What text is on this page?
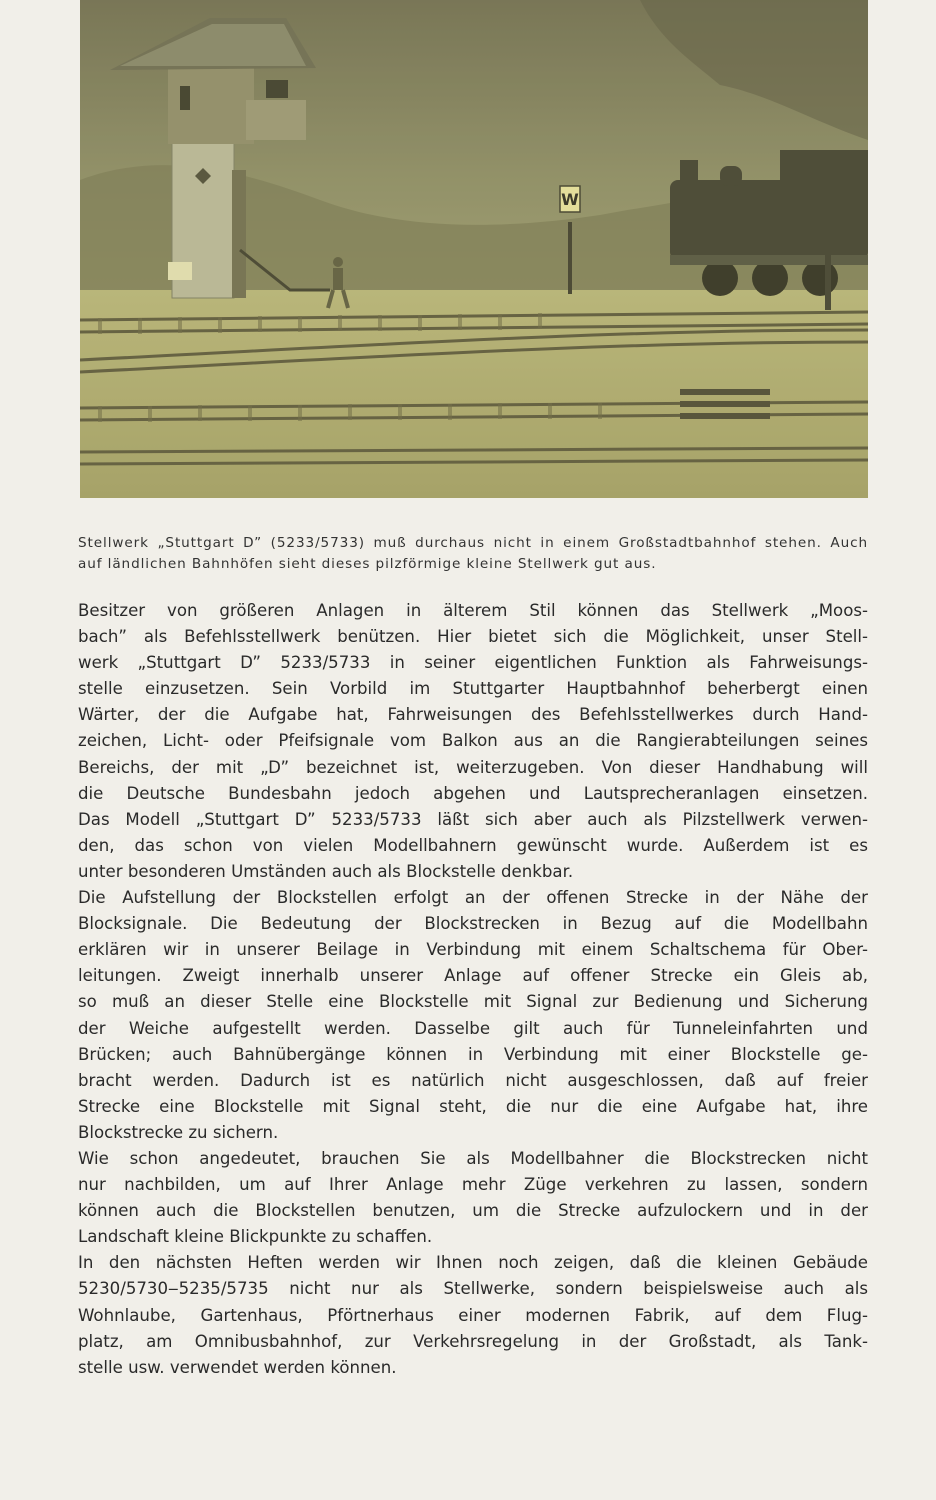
W
Stellwerk „Stuttgart D” (5233/5733) muß durchaus nicht in einem Großstadtbahnhof stehen. Auch
auf ländlichen Bahnhöfen sieht dieses pilzförmige kleine Stellwerk gut aus.

Besitzer von größeren Anlagen in älterem Stil können das Stellwerk „Moos-
bach” als Befehlsstellwerk benützen. Hier bietet sich die Möglichkeit, unser Stell-
werk „Stuttgart D” 5233/5733 in seiner eigentlichen Funktion als Fahrweisungs-
stelle einzusetzen. Sein Vorbild im Stuttgarter Hauptbahnhof beherbergt einen
Wärter, der die Aufgabe hat, Fahrweisungen des Befehlsstellwerkes durch Hand-
zeichen, Licht- oder Pfeifsignale vom Balkon aus an die Rangierabteilungen seines
Bereichs, der mit „D” bezeichnet ist, weiterzugeben. Von dieser Handhabung will
die Deutsche Bundesbahn jedoch abgehen und Lautsprecheranlagen einsetzen.
Das Modell „Stuttgart D” 5233/5733 läßt sich aber auch als Pilzstellwerk verwen-
den, das schon von vielen Modellbahnern gewünscht wurde. Außerdem ist es
unter besonderen Umständen auch als Blockstelle denkbar.

Die Aufstellung der Blockstellen erfolgt an der offenen Strecke in der Nähe der
Blocksignale. Die Bedeutung der Blockstrecken in Bezug auf die Modellbahn
erklären wir in unserer Beilage in Verbindung mit einem Schaltschema für Ober-
leitungen. Zweigt innerhalb unserer Anlage auf offener Strecke ein Gleis ab,
so muß an dieser Stelle eine Blockstelle mit Signal zur Bedienung und Sicherung
der Weiche aufgestellt werden. Dasselbe gilt auch für Tunneleinfahrten und
Brücken; auch Bahnübergänge können in Verbindung mit einer Blockstelle ge-
bracht werden. Dadurch ist es natürlich nicht ausgeschlossen, daß auf freier
Strecke eine Blockstelle mit Signal steht, die nur die eine Aufgabe hat, ihre
Blockstrecke zu sichern.

Wie schon angedeutet, brauchen Sie als Modellbahner die Blockstrecken nicht
nur nachbilden, um auf Ihrer Anlage mehr Züge verkehren zu lassen, sondern
können auch die Blockstellen benutzen, um die Strecke aufzulockern und in der
Landschaft kleine Blickpunkte zu schaffen.

In den nächsten Heften werden wir Ihnen noch zeigen, daß die kleinen Gebäude
5230/5730‒5235/5735 nicht nur als Stellwerke, sondern beispielsweise auch als
Wohnlaube, Gartenhaus, Pförtnerhaus einer modernen Fabrik, auf dem Flug-
platz, am Omnibusbahnhof, zur Verkehrsregelung in der Großstadt, als Tank-
stelle usw. verwendet werden können.
